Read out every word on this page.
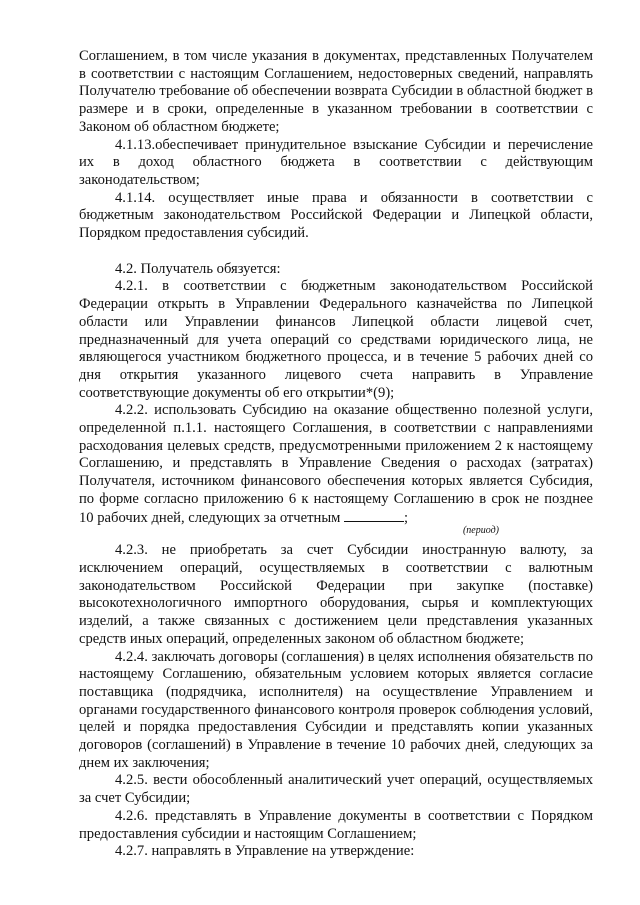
Соглашением, в том числе указания в документах, представленных Получателем в соответствии с настоящим Соглашением, недостоверных сведений, направлять Получателю требование об обеспечении возврата Субсидии в областной бюджет в размере и в сроки, определенные в указанном требовании в соответствии с Законом об областном бюджете;

4.1.13.обеспечивает принудительное взыскание Субсидии и перечисление их в доход областного бюджета в соответствии с действующим законодательством;

4.1.14. осуществляет иные права и обязанности в соответствии с бюджетным законодательством Российской Федерации и Липецкой области, Порядком предоставления субсидий.

4.2. Получатель обязуется:

4.2.1. в соответствии с бюджетным законодательством Российской Федерации открыть в Управлении Федерального казначейства по Липецкой области или Управлении финансов Липецкой области лицевой счет, предназначенный для учета операций со средствами юридического лица, не являющегося участником бюджетного процесса, и в течение 5 рабочих дней со дня открытия указанного лицевого счета направить в Управление соответствующие документы об его открытии*(9);

4.2.2. использовать Субсидию на оказание общественно полезной услуги, определенной п.1.1. настоящего Соглашения, в соответствии с направлениями расходования целевых средств, предусмотренными приложением 2 к настоящему Соглашению, и представлять в Управление Сведения о расходах (затратах) Получателя, источником финансового обеспечения которых является Субсидия, по форме согласно приложению 6 к настоящему Соглашению в срок не позднее 10 рабочих дней, следующих за отчетным	;

(период)

4.2.3. не приобретать за счет Субсидии иностранную валюту, за исключением операций, осуществляемых в соответствии с валютным законодательством Российской Федерации при закупке (поставке) высокотехнологичного импортного оборудования, сырья и комплектующих изделий, а также связанных с достижением цели представления указанных средств иных операций, определенных законом об областном бюджете;

4.2.4. заключать договоры (соглашения) в целях исполнения обязательств по настоящему Соглашению, обязательным условием которых является согласие поставщика (подрядчика, исполнителя) на осуществление Управлением и органами государственного финансового контроля проверок соблюдения условий, целей и порядка предоставления Субсидии и представлять копии указанных договоров (соглашений) в Управление в течение 10 рабочих дней, следующих за днем их заключения;

4.2.5. вести обособленный аналитический учет операций, осуществляемых за счет Субсидии;

4.2.6. представлять в Управление документы в соответствии с Порядком предоставления субсидии и настоящим Соглашением;

4.2.7. направлять в Управление на утверждение:
